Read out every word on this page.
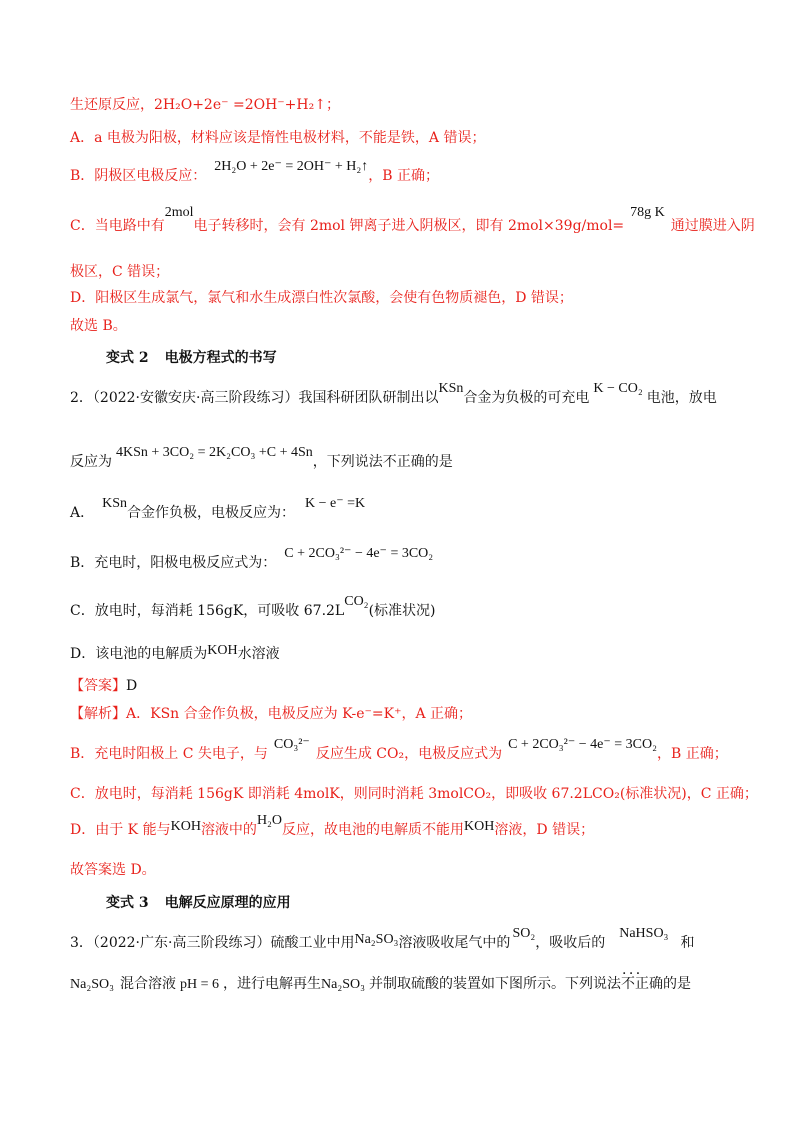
生还原反应，2H₂O+2e⁻ =2OH⁻+H₂↑；
A．a 电极为阳极，材料应该是惰性电极材料，不能是铁，A 错误；
B．阴极区电极反应：2H₂O + 2e⁻ = 2OH⁻ + H₂↑，B 正确；
C．当电路中有2mol电子转移时，会有 2mol 钾离子进入阴极区，即有 2mol×39g/mol=78g K通过膜进入阴
极区，C 错误；
D．阳极区生成氯气，氯气和水生成漂白性次氯酸，会使有色物质褪色，D 错误；
故选 B。
变式 2 电极方程式的书写
2．（2022·安徽安庆·高三阶段练习）我国科研团队研制出以KSn合金为负极的可充电K − CO₂电池，放电
反应为4KSn + 3CO₂ = 2K₂CO₃ +C + 4Sn，下列说法不正确的是
A．KSn合金作负极，电极反应为：K − e⁻ =K
B．充电时，阳极电极反应式为：C + 2CO₃²⁻ − 4e⁻ = 3CO₂
C．放电时，每消耗 156gK，可吸收 67.2LCO₂(标准状况)
D．该电池的电解质为KOH水溶液
【答案】D
【解析】A．KSn 合金作负极，电极反应为 K-e⁻=K⁺，A 正确；
B．充电时阳极上 C 失电子，与CO₃²⁻反应生成 CO₂，电极反应式为C + 2CO₃²⁻ − 4e⁻ = 3CO₂，B 正确；
C．放电时，每消耗 156gK 即消耗 4molK，则同时消耗 3molCO₂，即吸收 67.2LCO₂(标准状况)，C 正确；
D．由于 K 能与KOH溶液中的H₂O反应，故电池的电解质不能用KOH溶液，D 错误；
故答案选 D。
变式 3 电解反应原理的应用
3．（2022·广东·高三阶段练习）硫酸工业中用Na₂SO₃溶液吸收尾气中的SO₂，吸收后的NaHSO₃和
Na₂SO₃ 混合溶液 pH = 6 ，进行电解再生Na₂SO₃ 并制取硫酸的装置如下图所示。下列说法· · 不正确的是
